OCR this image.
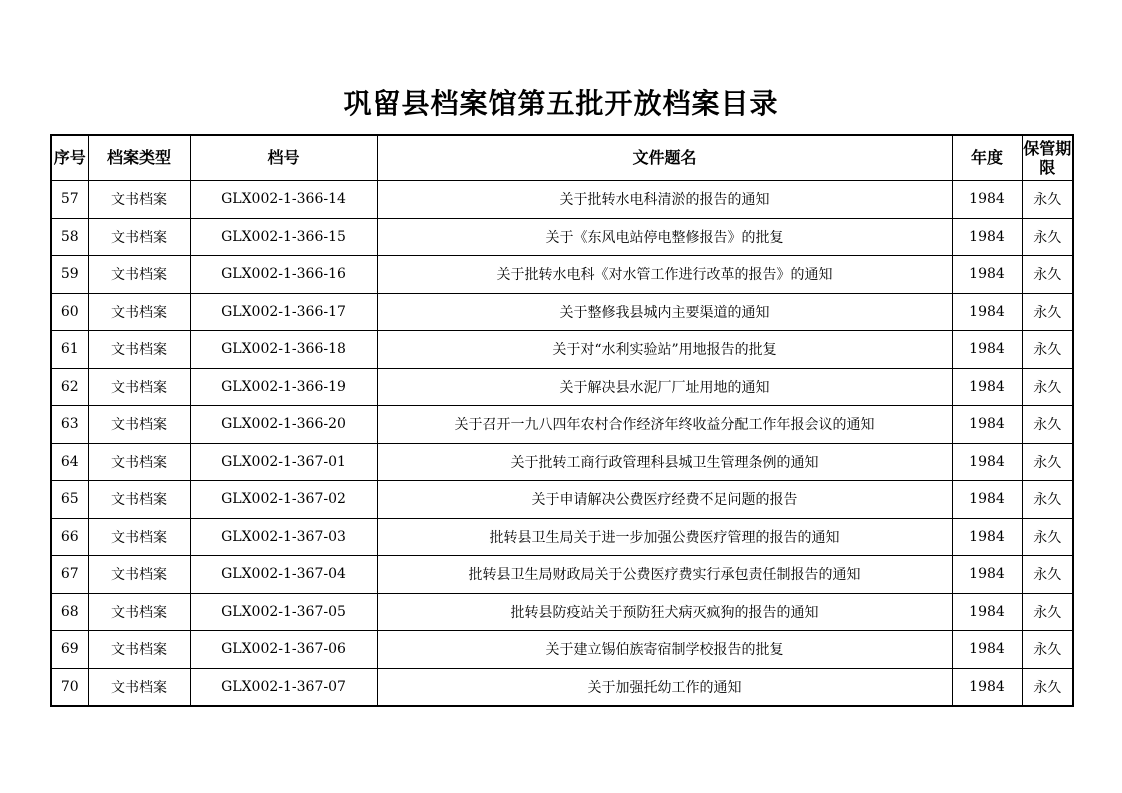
巩留县档案馆第五批开放档案目录
序号	档案类型	档号	文件题名	年度	保管期限
57	文书档案	GLX002-1-366-14	关于批转水电科清淤的报告的通知	1984	永久
58	文书档案	GLX002-1-366-15	关于《东风电站停电整修报告》的批复	1984	永久
59	文书档案	GLX002-1-366-16	关于批转水电科《对水管工作进行改革的报告》的通知	1984	永久
60	文书档案	GLX002-1-366-17	关于整修我县城内主要渠道的通知	1984	永久
61	文书档案	GLX002-1-366-18	关于对“水利实验站”用地报告的批复	1984	永久
62	文书档案	GLX002-1-366-19	关于解决县水泥厂厂址用地的通知	1984	永久
63	文书档案	GLX002-1-366-20	关于召开一九八四年农村合作经济年终收益分配工作年报会议的通知	1984	永久
64	文书档案	GLX002-1-367-01	关于批转工商行政管理科县城卫生管理条例的通知	1984	永久
65	文书档案	GLX002-1-367-02	关于申请解决公费医疗经费不足问题的报告	1984	永久
66	文书档案	GLX002-1-367-03	批转县卫生局关于进一步加强公费医疗管理的报告的通知	1984	永久
67	文书档案	GLX002-1-367-04	批转县卫生局财政局关于公费医疗费实行承包责任制报告的通知	1984	永久
68	文书档案	GLX002-1-367-05	批转县防疫站关于预防狂犬病灭疯狗的报告的通知	1984	永久
69	文书档案	GLX002-1-367-06	关于建立锡伯族寄宿制学校报告的批复	1984	永久
70	文书档案	GLX002-1-367-07	关于加强托幼工作的通知	1984	永久
